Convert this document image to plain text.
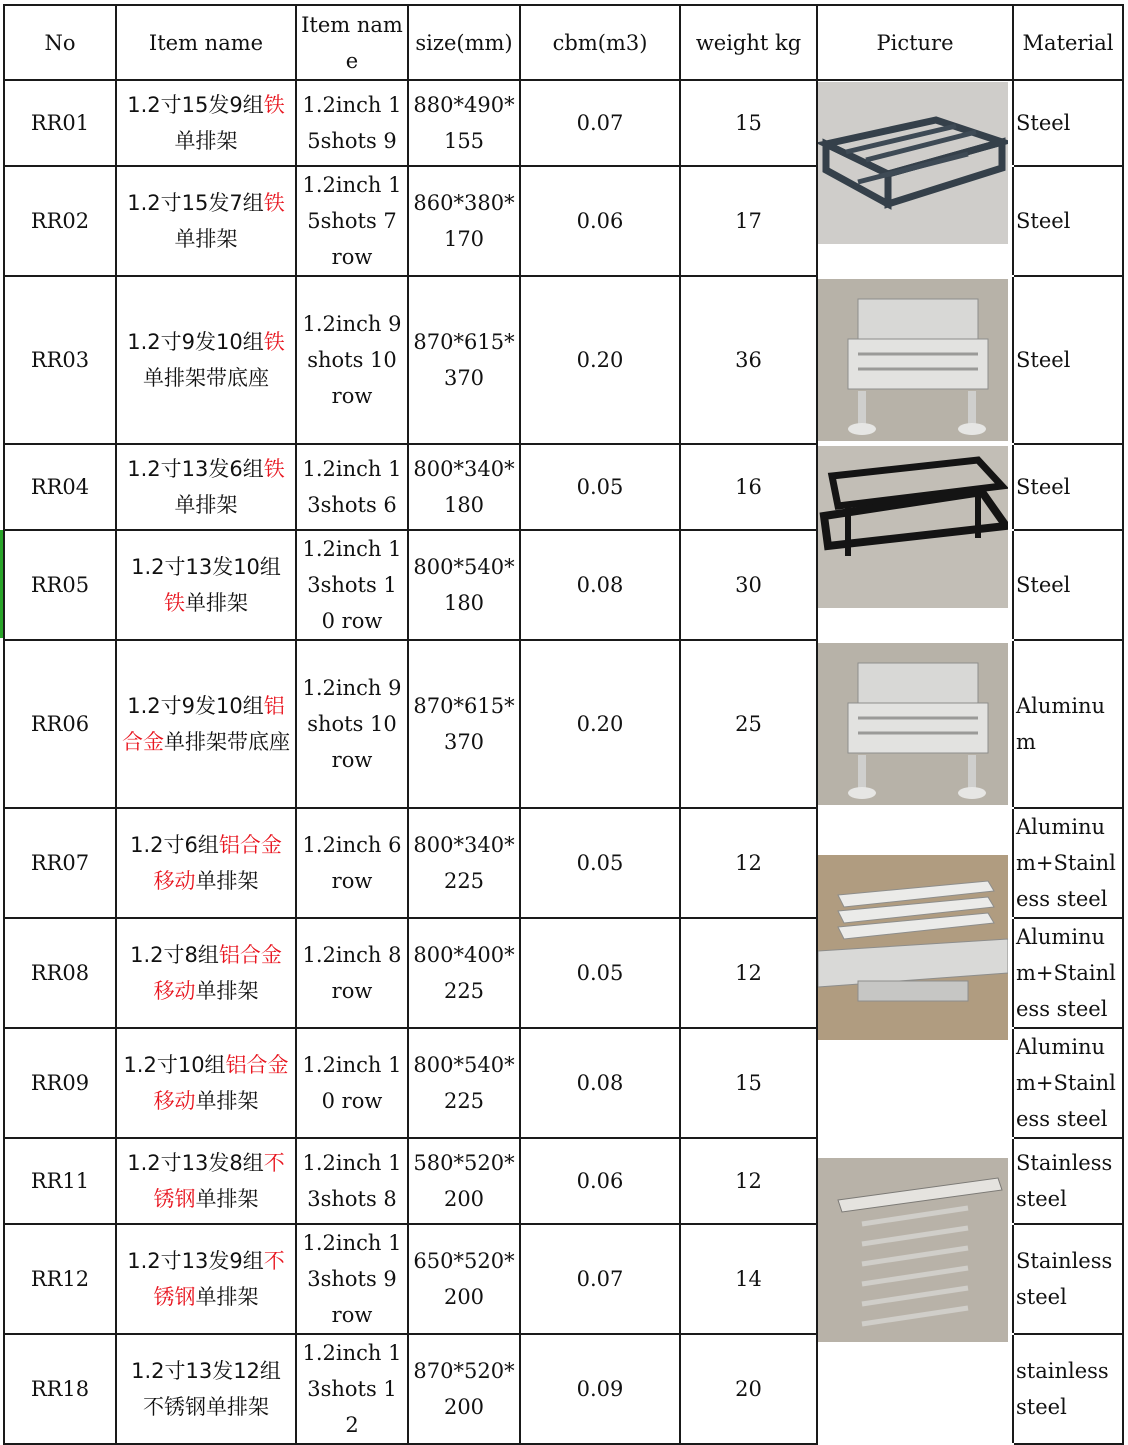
No	Item name	Item name	size(mm)	cbm(m3)	weight kg	Picture	Material
RR01	1.2寸15发9组铁单排架	1.2inch 15shots 9	880*490*155	0.07	15		Steel
RR02	1.2寸15发7组铁单排架	1.2inch 15shots 7 row	860*380*170	0.06	17		Steel
RR03	1.2寸9发10组铁单排架带底座	1.2inch 9shots 10 row	870*615*370	0.20	36		Steel
RR04	1.2寸13发6组铁单排架	1.2inch 13shots 6	800*340*180	0.05	16		Steel
RR05	1.2寸13发10组铁单排架	1.2inch 13shots 10 row	800*540*180	0.08	30		Steel
RR06	1.2寸9发10组铝合金单排架带底座	1.2inch 9shots 10 row	870*615*370	0.20	25		Aluminum
RR07	1.2寸6组铝合金移动单排架	1.2inch 6 row	800*340*225	0.05	12		Aluminum+Stainless steel
RR08	1.2寸8组铝合金移动单排架	1.2inch 8 row	800*400*225	0.05	12		Aluminum+Stainless steel
RR09	1.2寸10组铝合金移动单排架	1.2inch 10 row	800*540*225	0.08	15		Aluminum+Stainless steel
RR11	1.2寸13发8组不锈钢单排架	1.2inch 13shots 8	580*520*200	0.06	12		Stainless steel
RR12	1.2寸13发9组不锈钢单排架	1.2inch 13shots 9 row	650*520*200	0.07	14		Stainless steel
RR18	1.2寸13发12组不锈钢单排架	1.2inch 13shots 12	870*520*200	0.09	20		stainless steel
